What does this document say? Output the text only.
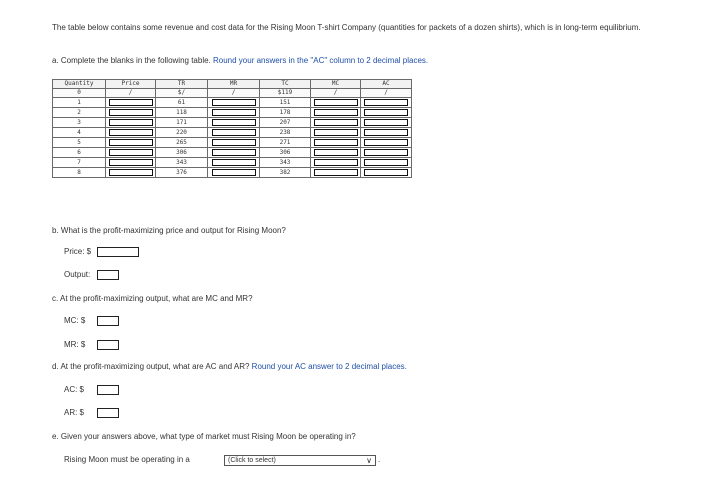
The table below contains some revenue and cost data for the Rising Moon T-shirt Company (quantities for packets of a dozen shirts), which is in long-term equilibrium.
a. Complete the blanks in the following table. Round your answers in the "AC" column to 2 decimal places.
Quantity	Price	TR	MR	TC	MC	AC
0	/	$/	/	$119	/	/
1		61		151	

2		118		178	

3		171		207	

4		220		238	

5		265		271	

6		306		306	

7		343		343	

8		376		382	

b. What is the profit-maximizing price and output for Rising Moon?
Price: $
Output:
c. At the profit-maximizing output, what are MC and MR?
MC: $
MR: $
d. At the profit-maximizing output, what are AC and AR? Round your AC answer to 2 decimal places.
AC: $
AR: $
e. Given your answers above, what type of market must Rising Moon be operating in?
Rising Moon must be operating in a	(Click to select)	∨ .
